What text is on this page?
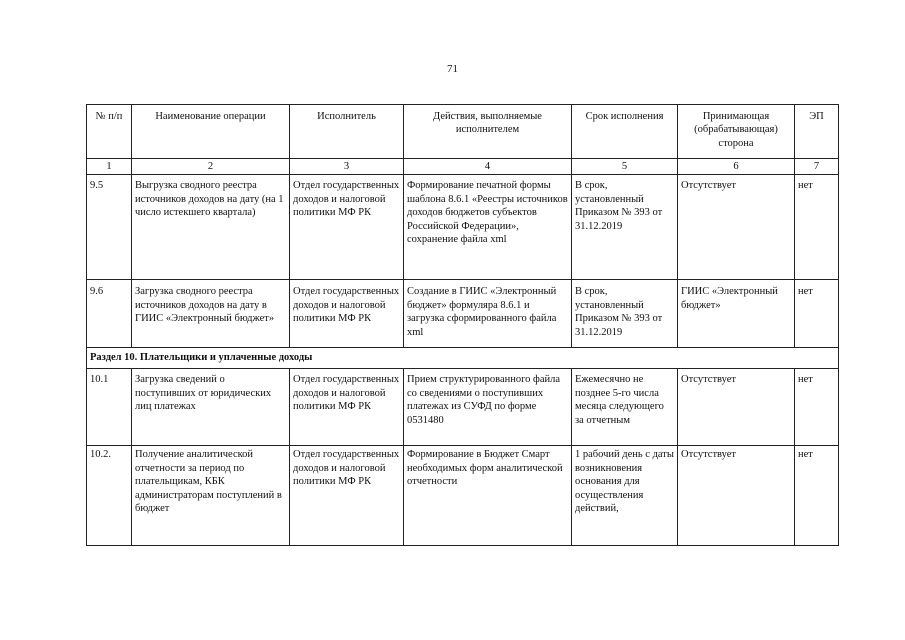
71
№ п/п	Наименование операции	Исполнитель	Действия, выполняемые исполнителем	Срок исполнения	Принимающая (обрабатывающая) сторона	ЭП
1	2	3	4	5	6	7
9.5	Выгрузка сводного реестра источников доходов на дату (на 1 число истекшего квартала)	Отдел государственных доходов и налоговой политики МФ РК	Формирование печатной формы шаблона 8.6.1 «Реестры источников доходов бюджетов субъектов Российской Федерации», сохранение файла xml	В срок, установленный Приказом № 393 от 31.12.2019	Отсутствует	нет
9.6	Загрузка сводного реестра источников доходов на дату в ГИИС «Электронный бюджет»	Отдел государственных доходов и налоговой политики МФ РК	Создание в ГИИС «Электронный бюджет» формуляра 8.6.1 и загрузка сформированного файла xml	В срок, установленный Приказом № 393 от 31.12.2019	ГИИС «Электронный бюджет»	нет
Раздел 10. Плательщики и уплаченные доходы						
10.1	Загрузка сведений о поступивших от юридических лиц платежах	Отдел государственных доходов и налоговой политики МФ РК	Прием структурированного файла со сведениями о поступивших платежах из СУФД по форме 0531480	Ежемесячно не позднее 5-го числа месяца следующего за отчетным	Отсутствует	нет
10.2.	Получение аналитической отчетности за период по плательщикам, КБК администраторам поступлений в бюджет	Отдел государственных доходов и налоговой политики МФ РК	Формирование в Бюджет Смарт необходимых форм аналитической отчетности	1 рабочий день с даты возникновения основания для осуществления действий,	Отсутствует	нет
